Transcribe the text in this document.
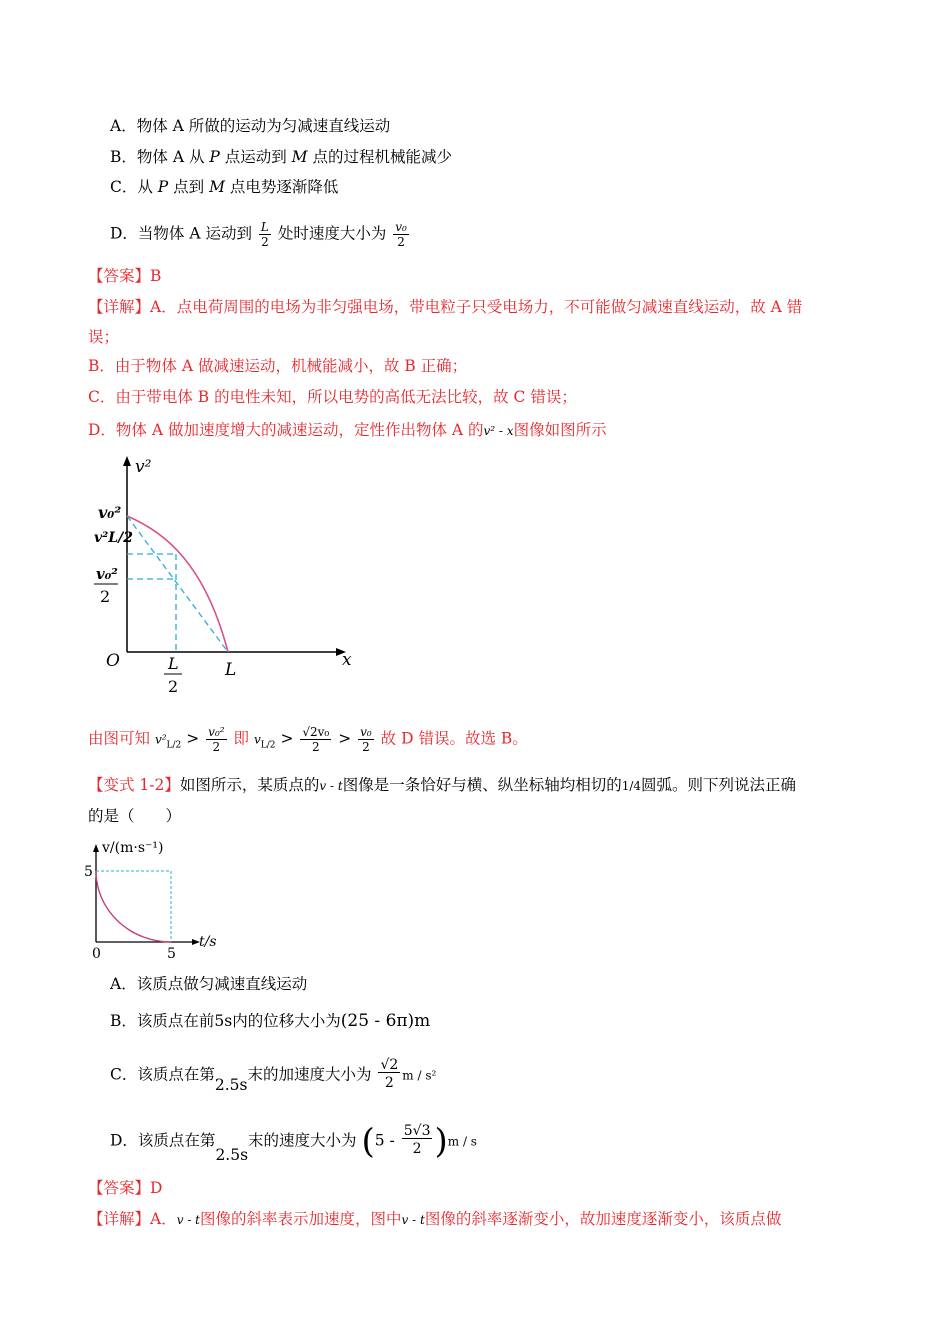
A．物体 A 所做的运动为匀减速直线运动
B．物体 A 从 P 点运动到 M 点的过程机械能减少
C．从 P 点到 M 点电势逐渐降低
D．当物体 A 运动到 $\frac{L}{2}$ 处时速度大小为 $\frac{\text{v₀}}{2}$
【答案】B
【详解】A．点电荷周围的电场为非匀强电场，带电粒子只受电场力，不可能做匀减速直线运动，故 A 错
误；
B．由于物体 A 做减速运动，机械能减小，故 B 正确；
C．由于带电体 B 的电性未知，所以电势的高低无法比较，故 C 错误；
D．物体 A 做加速度增大的减速运动，定性作出物体 A 的v² - x图像如图所示
v²
x
O	L
L
2
v₀²
v²L/2
v₀²
2
由图可知 $v^2_{L/2} > \frac{\text{v₀²}}{2}$ 即 $v_{L/2} > \frac{\text{√2v₀}}{2} > \frac{\text{v₀}}{2}$ 故 D 错误。故选 B。
【变式 1-2】如图所示，某质点的v - t图像是一条恰好与横、纵坐标轴均相切的1/4圆弧。则下列说法正确
的是（　　）
v/(m·s⁻¹)
t/s
5
5
0
A．该质点做匀减速直线运动
B．该质点在前5s内的位移大小为(25 - 6π)m
C．该质点在第2.5s末的加速度大小为 $\frac{√2}{2}$ m / s²
D．该质点在第2.5s末的速度大小为 $(5 - \frac{5√3}{2} )m$ / s
【答案】D
【详解】A．v - t图像的斜率表示加速度，图中v - t图像的斜率逐渐变小，故加速度逐渐变小，该质点做
